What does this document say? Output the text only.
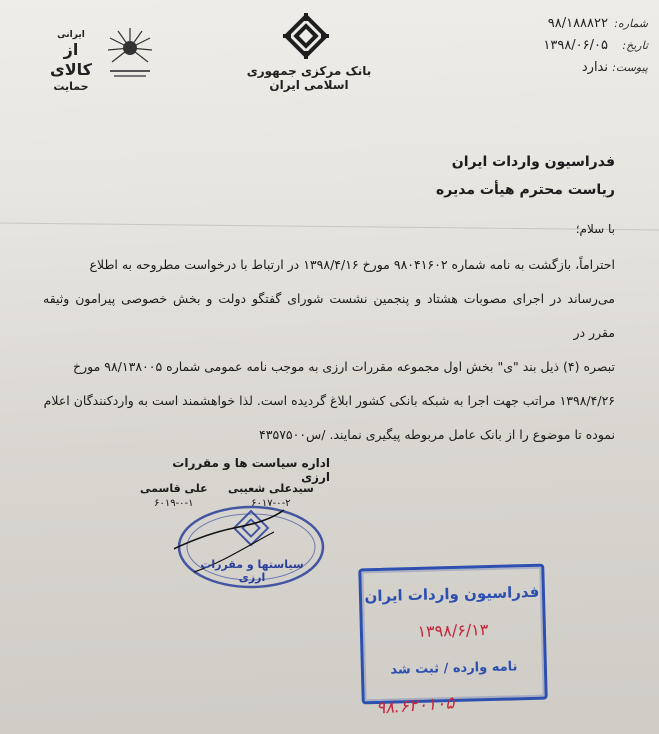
شماره:
۹۸/۱۸۸۸۲۲
تاریخ:
۱۳۹۸/۰۶/۰۵
پیوست:
ندارد
بانک مرکزی جمهوری اسلامی ایران
ایرانی
از کالای
حمایت
فدراسیون واردات ایران
ریاست محترم هیأت مدیره
با سلام؛

احتراماً، بازگشت به نامه شماره ۹۸۰۴۱۶۰۲ مورخ ۱۳۹۸/۴/۱۶ در ارتباط با درخواست مطروحه به اطلاع

می‌رساند در اجرای مصوبات هشتاد و پنجمین نشست شورای گفتگو دولت و بخش خصوصی پیرامون وثیقه مقرر در

تبصره (۴) ذیل بند "ی" بخش اول مجموعه مقررات ارزی به موجب نامه عمومی شماره ۹۸/۱۳۸۰۰۵ مورخ

۱۳۹۸/۴/۲۶ مراتب جهت اجرا به شبکه بانکی کشور ابلاغ گردیده است. لذا خواهشمند است به واردکنندگان اعلام

نموده تا موضوع را از بانک عامل مربوطه پیگیری نمایند. /س۴۳۵۷۵۰۰

اداره سیاست ها و مقررات ارزی
سیدعلی شعیبی
۶۰۱۷-۰-۲
علی قاسمی
۶۰۱۹-۰-۱
سیاستها و مقررات ارزی
فدراسیون واردات ایران
۱۳۹۸/۶/۱۳
نامه وارده / ثبت شد
۹۸.۶۲۰۱۰۵
